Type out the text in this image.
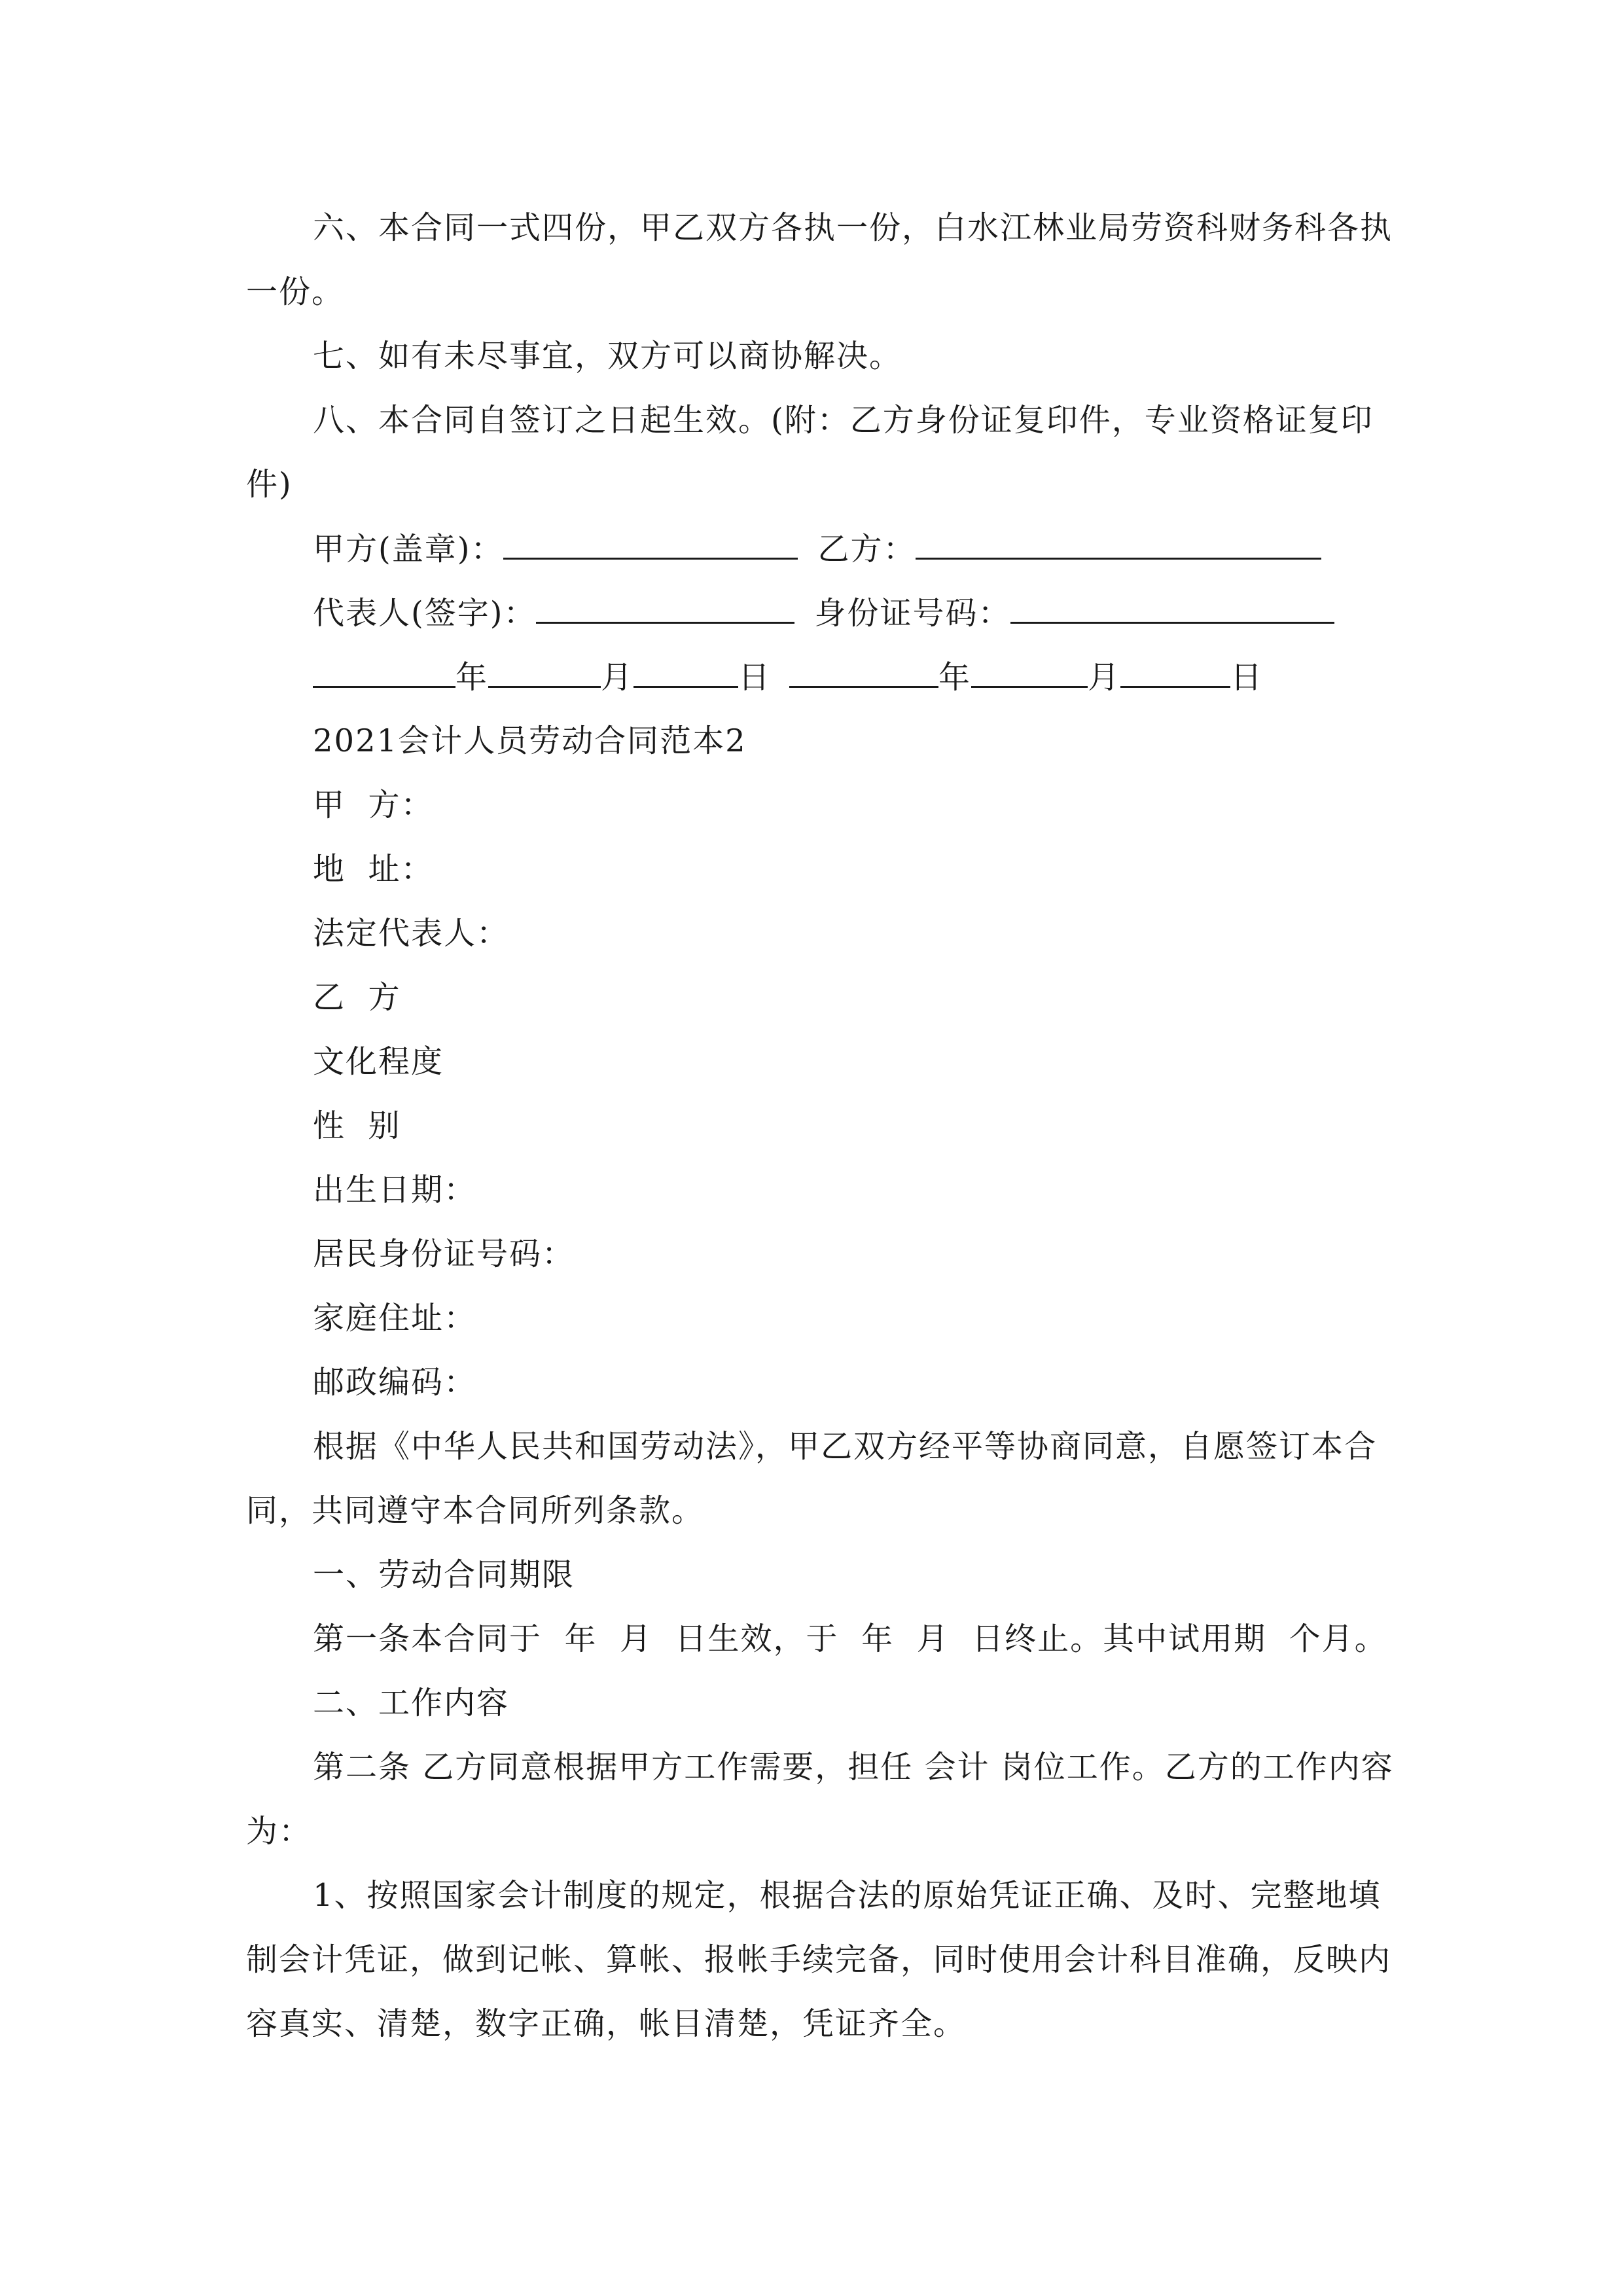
六、本合同一式四份，甲乙双方各执一份，白水江林业局劳资科财务科各执
一份。
七、如有未尽事宜，双方可以商协解决。
八、本合同自签订之日起生效。(附：乙方身份证复印件，专业资格证复印
件)
甲方(盖章)：	乙方：
代表人(签字)：	身份证号码：
年	月	日	年	月	日
2021会计人员劳动合同范本2
甲  方：
地  址：
法定代表人：
乙  方
文化程度
性  别
出生日期：
居民身份证号码：
家庭住址：
邮政编码：
根据《中华人民共和国劳动法》，甲乙双方经平等协商同意，自愿签订本合
同，共同遵守本合同所列条款。
一、劳动合同期限
第一条本合同于  年  月  日生效，于  年  月  日终止。其中试用期  个月。
二、工作内容
第二条 乙方同意根据甲方工作需要，担任 会计 岗位工作。乙方的工作内容
为：
1、按照国家会计制度的规定，根据合法的原始凭证正确、及时、完整地填
制会计凭证，做到记帐、算帐、报帐手续完备，同时使用会计科目准确，反映内
容真实、清楚，数字正确，帐目清楚，凭证齐全。
